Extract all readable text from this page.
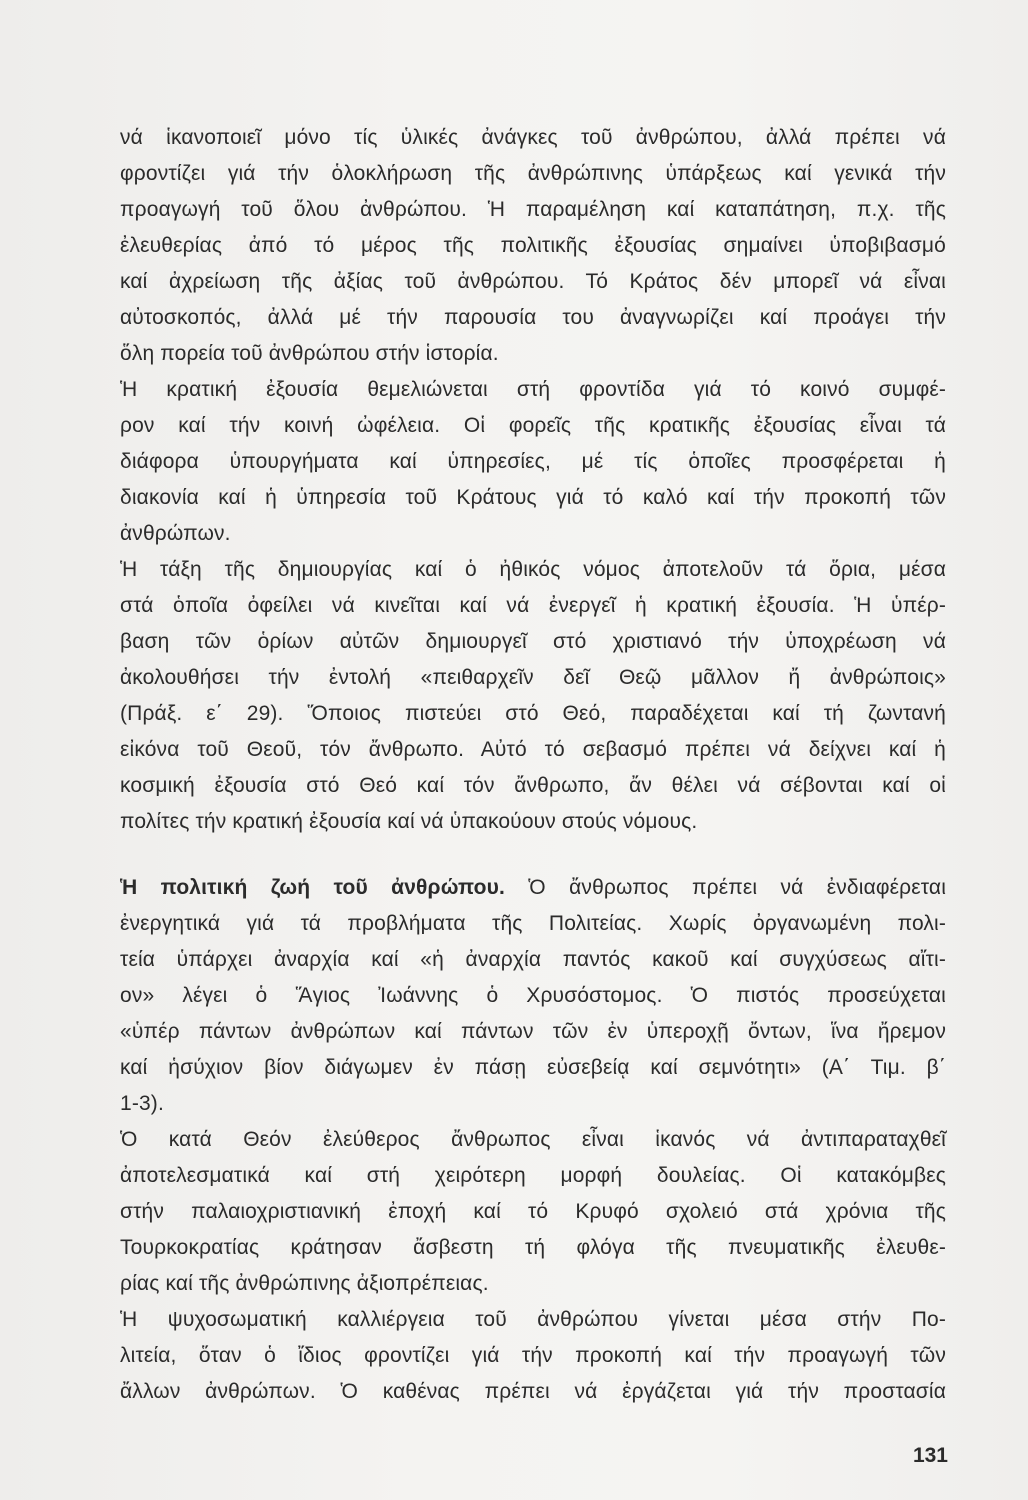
νά ἱκανοποιεῖ μόνο τίς ὑλικές ἀνάγκες τοῦ ἀνθρώπου, ἀλλά πρέπει νά
φροντίζει γιά τήν ὁλοκλήρωση τῆς ἀνθρώπινης ὑπάρξεως καί γενικά τήν
προαγωγή τοῦ ὅλου ἀνθρώπου. Ἡ παραμέληση καί καταπάτηση, π.χ. τῆς
ἐλευθερίας ἀπό τό μέρος τῆς πολιτικῆς ἐξουσίας σημαίνει ὑποβιβασμό
καί ἀχρείωση τῆς ἀξίας τοῦ ἀνθρώπου. Τό Κράτος δέν μπορεῖ νά εἶναι
αὐτοσκοπός, ἀλλά μέ τήν παρουσία του ἀναγνωρίζει καί προάγει τήν
ὅλη πορεία τοῦ ἀνθρώπου στήν ἱστορία.
Ἡ κρατική ἐξουσία θεμελιώνεται στή φροντίδα γιά τό κοινό συμφέ-
ρον καί τήν κοινή ὠφέλεια. Οἱ φορεῖς τῆς κρατικῆς ἐξουσίας εἶναι τά
διάφορα ὑπουργήματα καί ὑπηρεσίες, μέ τίς ὁποῖες προσφέρεται ἡ
διακονία καί ἡ ὑπηρεσία τοῦ Κράτους γιά τό καλό καί τήν προκοπή τῶν
ἀνθρώπων.
Ἡ τάξη τῆς δημιουργίας καί ὁ ἠθικός νόμος ἀποτελοῦν τά ὅρια, μέσα
στά ὁποῖα ὀφείλει νά κινεῖται καί νά ἐνεργεῖ ἡ κρατική ἐξουσία. Ἡ ὑπέρ-
βαση τῶν ὁρίων αὐτῶν δημιουργεῖ στό χριστιανό τήν ὑποχρέωση νά
ἀκολουθήσει τήν ἐντολή «πειθαρχεῖν δεῖ Θεῷ μᾶλλον ἤ ἀνθρώποις»
(Πράξ. ε΄ 29). Ὅποιος πιστεύει στό Θεό, παραδέχεται καί τή ζωντανή
εἰκόνα τοῦ Θεοῦ, τόν ἄνθρωπο. Αὐτό τό σεβασμό πρέπει νά δείχνει καί ἡ
κοσμική ἐξουσία στό Θεό καί τόν ἄνθρωπο, ἄν θέλει νά σέβονται καί οἱ
πολίτες τήν κρατική ἐξουσία καί νά ὑπακούουν στούς νόμους.
Ἡ πολιτική ζωή τοῦ ἀνθρώπου. Ὁ ἄνθρωπος πρέπει νά ἐνδιαφέρεται
ἐνεργητικά γιά τά προβλήματα τῆς Πολιτείας. Χωρίς ὀργανωμένη πολι-
τεία ὑπάρχει ἀναρχία καί «ἡ ἀναρχία παντός κακοῦ καί συγχύσεως αἴτι-
ον» λέγει ὁ Ἅγιος Ἰωάννης ὁ Χρυσόστομος. Ὁ πιστός προσεύχεται
«ὑπέρ πάντων ἀνθρώπων καί πάντων τῶν ἐν ὑπεροχῇ ὄντων, ἵνα ἤρεμον
καί ἡσύχιον βίον διάγωμεν ἐν πάσῃ εὐσεβείᾳ καί σεμνότητι» (Α΄ Τιμ. β΄
1-3).
Ὁ κατά Θεόν ἐλεύθερος ἄνθρωπος εἶναι ἱκανός νά ἀντιπαραταχθεῖ
ἀποτελεσματικά καί στή χειρότερη μορφή δουλείας. Οἱ κατακόμβες
στήν παλαιοχριστιανική ἐποχή καί τό Κρυφό σχολειό στά χρόνια τῆς
Τουρκοκρατίας κράτησαν ἄσβεστη τή φλόγα τῆς πνευματικῆς ἐλευθε-
ρίας καί τῆς ἀνθρώπινης ἀξιοπρέπειας.
Ἡ ψυχοσωματική καλλιέργεια τοῦ ἀνθρώπου γίνεται μέσα στήν Πο-
λιτεία, ὅταν ὁ ἴδιος φροντίζει γιά τήν προκοπή καί τήν προαγωγή τῶν
ἄλλων ἀνθρώπων. Ὁ καθένας πρέπει νά ἐργάζεται γιά τήν προστασία
131
